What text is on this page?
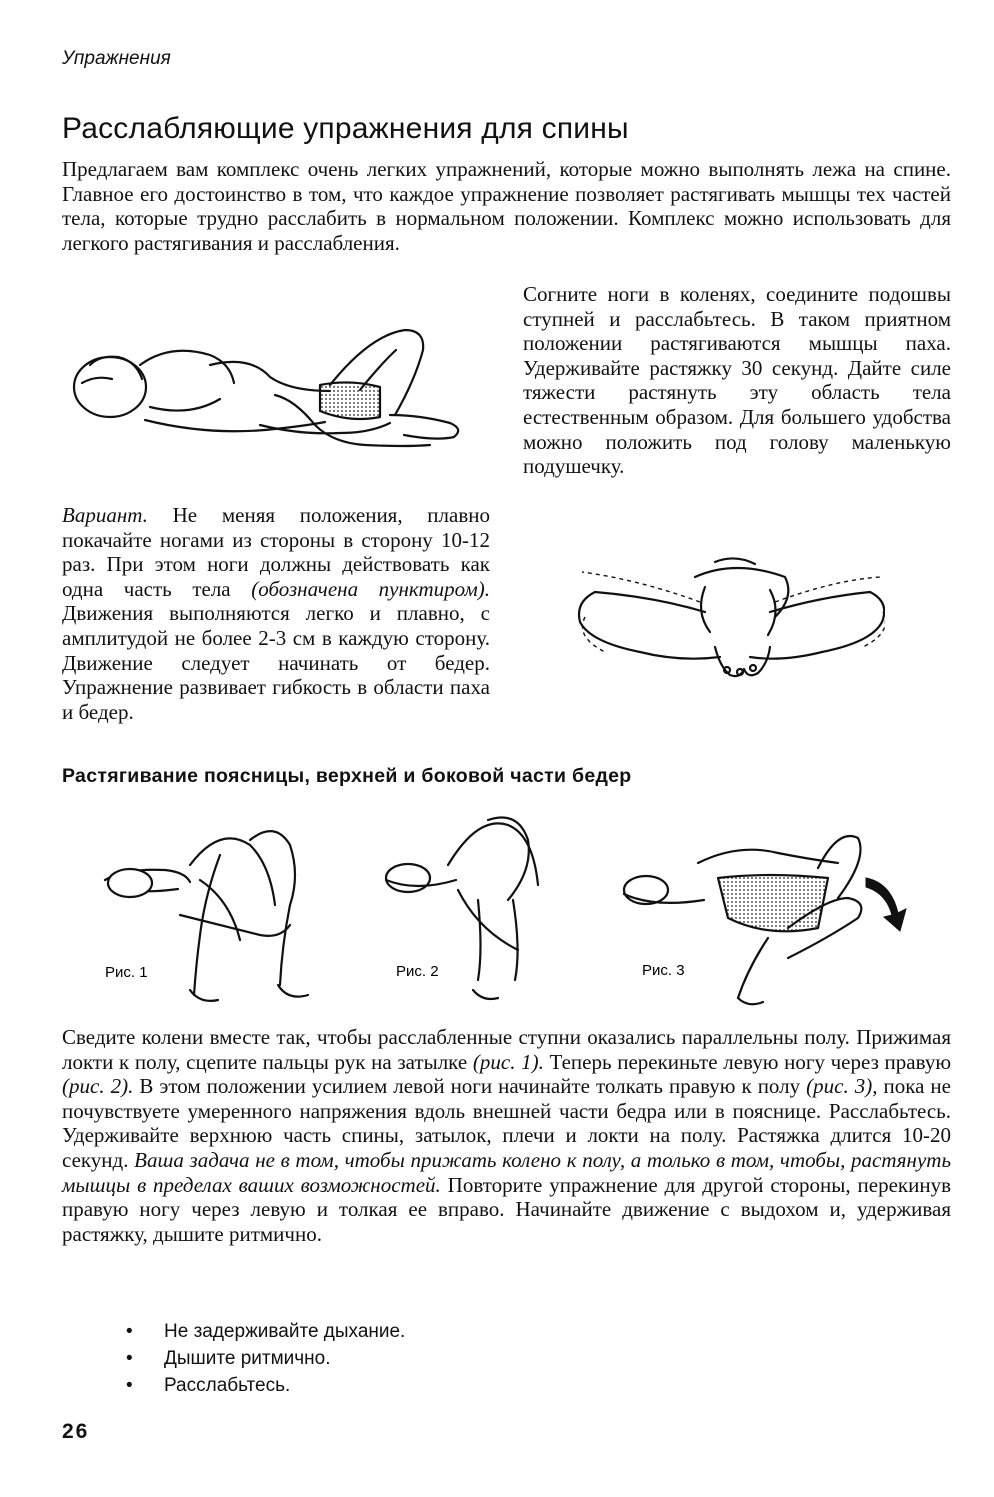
Упражнения
Расслабляющие упражнения для спины

Предлагаем вам комплекс очень легких упражнений, которые можно выполнять лежа на спине. Главное его достоинство в том, что каждое упражнение позволяет растягивать мышцы тех частей тела, которые трудно расслабить в нормальном положении. Комплекс можно использовать для легкого растягивания и расслабления.

Согните ноги в коленях, соедините подошвы ступней и расслабьтесь. В таком приятном положении растягиваются мышцы паха. Удерживайте растяжку 30 секунд. Дайте силе тяжести растянуть эту область тела естественным образом. Для большего удобства можно положить под голову маленькую подушечку.

Вариант. Не меняя положения, плавно покачайте ногами из стороны в сторону 10-12 раз. При этом ноги должны действовать как одна часть тела (обозначена пунктиром). Движения выполняются легко и плавно, с амплитудой не более 2-3 см в каждую сторону. Движение следует начинать от бедер. Упражнение развивает гибкость в области паха и бедер.

Растягивание поясницы, верхней и боковой части бедер
Рис. 1	Рис. 2	Рис. 3

Сведите колени вместе так, чтобы расслабленные ступни оказались параллельны полу. Прижимая локти к полу, сцепите пальцы рук на затылке (рис. 1). Теперь перекиньте левую ногу через правую (рис. 2). В этом положении усилием левой ноги начинайте толкать правую к полу (рис. 3), пока не почувствуете умеренного напряжения вдоль внешней части бедра или в пояснице. Расслабьтесь. Удерживайте верхнюю часть спины, затылок, плечи и локти на полу. Растяжка длится 10-20 секунд. Ваша задача не в том, чтобы прижать колено к полу, а только в том, чтобы, растянуть мышцы в пределах ваших возможностей. Повторите упражнение для другой стороны, перекинув правую ногу через левую и толкая ее вправо. Начинайте движение с выдохом и, удерживая растяжку, дышите ритмично.

• Не задерживайте дыхание.
• Дышите ритмично.
• Расслабьтесь.
26
